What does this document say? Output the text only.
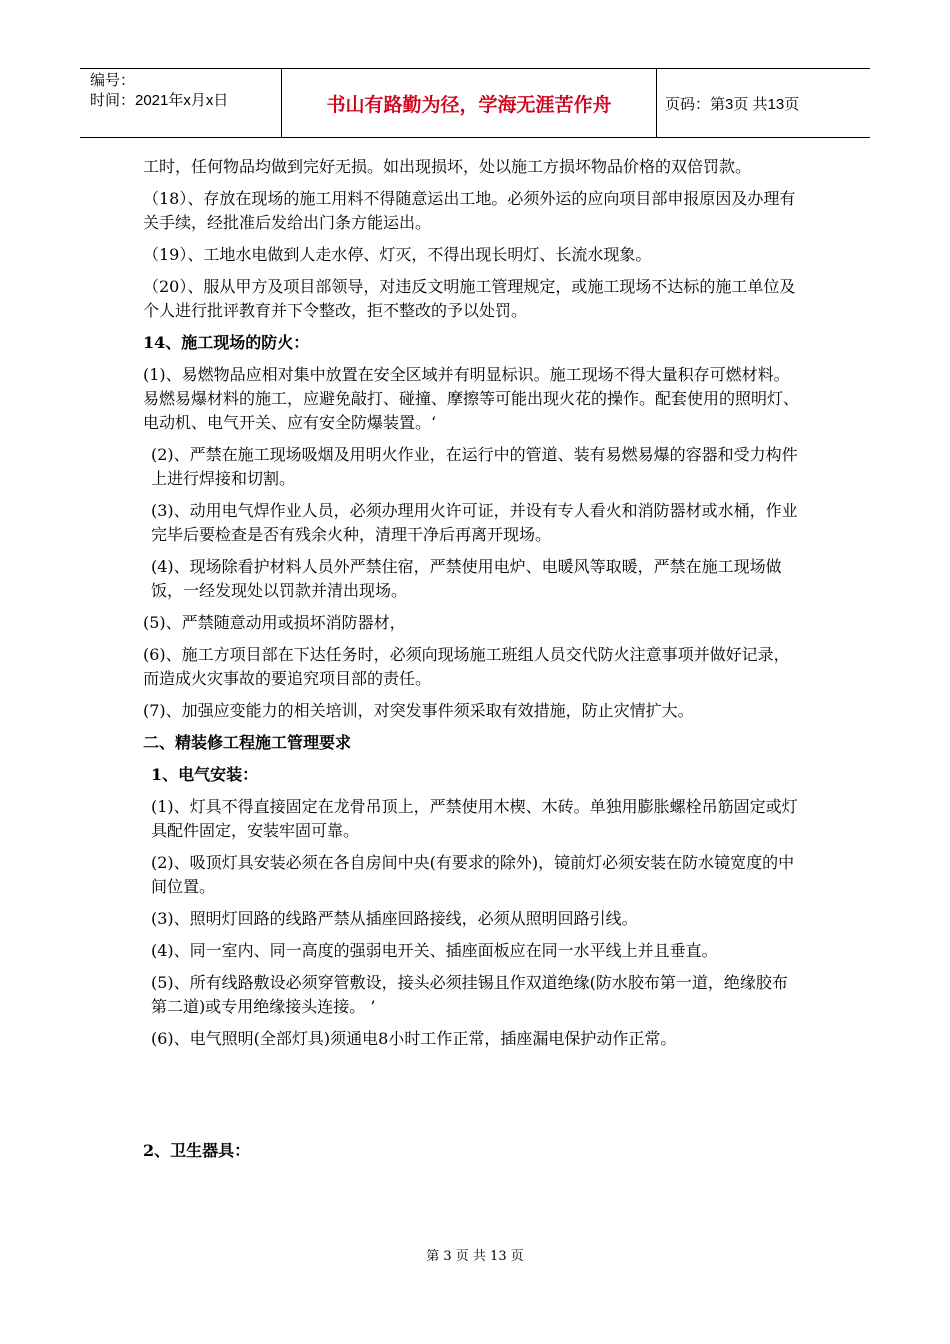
编号：
时间：2021年x月x日	书山有路勤为径，学海无涯苦作舟	页码：第3页 共13页

工时，任何物品均做到完好无损。如出现损坏，处以施工方损坏物品价格的双倍罚款。

（18）、存放在现场的施工用料不得随意运出工地。必须外运的应向项目部申报原因及办理有关手续，经批准后发给出门条方能运出。

（19）、工地水电做到人走水停、灯灭，不得出现长明灯、长流水现象。

（20）、服从甲方及项目部领导，对违反文明施工管理规定，或施工现场不达标的施工单位及个人进行批评教育并下令整改，拒不整改的予以处罚。

14、施工现场的防火：

(1)、易燃物品应相对集中放置在安全区域并有明显标识。施工现场不得大量积存可燃材料。易燃易爆材料的施工，应避免敲打、碰撞、摩擦等可能出现火花的操作。配套使用的照明灯、电动机、电气开关、应有安全防爆装置。‘

(2)、严禁在施工现场吸烟及用明火作业，在运行中的管道、装有易燃易爆的容器和受力构件上进行焊接和切割。

(3)、动用电气焊作业人员，必须办理用火许可证，并设有专人看火和消防器材或水桶，作业完毕后要检查是否有残余火种，清理干净后再离开现场。

(4)、现场除看护材料人员外严禁住宿，严禁使用电炉、电暖风等取暖，严禁在施工现场做饭，一经发现处以罚款并清出现场。

(5)、严禁随意动用或损坏消防器材，

(6)、施工方项目部在下达任务时，必须向现场施工班组人员交代防火注意事项并做好记录，而造成火灾事故的要追究项目部的责任。

(7)、加强应变能力的相关培训，对突发事件须采取有效措施，防止灾情扩大。

二、精装修工程施工管理要求
1、电气安装：

(1)、灯具不得直接固定在龙骨吊顶上，严禁使用木楔、木砖。单独用膨胀螺栓吊筋固定或灯具配件固定，安装牢固可靠。

(2)、吸顶灯具安装必须在各自房间中央(有要求的除外)，镜前灯必须安装在防水镜宽度的中间位置。

(3)、照明灯回路的线路严禁从插座回路接线，必须从照明回路引线。

(4)、同一室内、同一高度的强弱电开关、插座面板应在同一水平线上并且垂直。

(5)、所有线路敷设必须穿管敷设，接头必须挂锡且作双道绝缘(防水胶布第一道，绝缘胶布第二道)或专用绝缘接头连接。 ’

(6)、电气照明(全部灯具)须通电8小时工作正常，插座漏电保护动作正常。

2、卫生器具：
第 3 页 共 13 页
